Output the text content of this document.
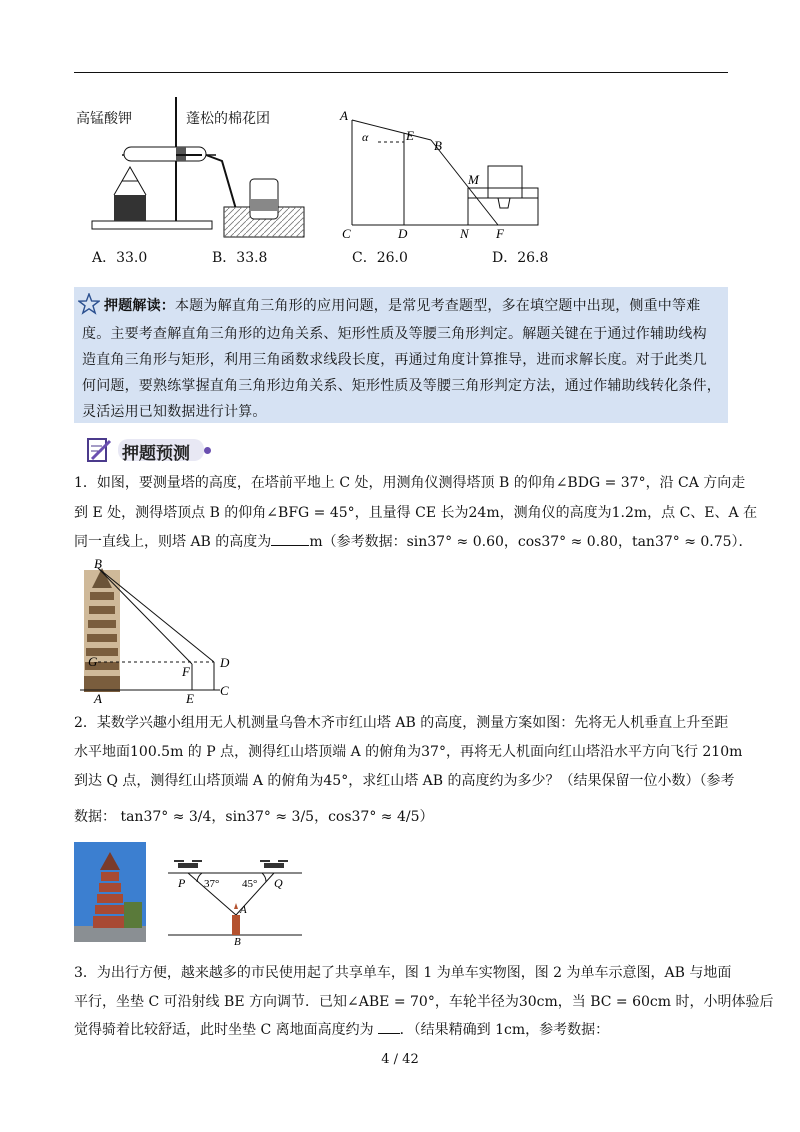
高锰酸钾	蓬松的棉花团	A
α	E
B
M
C	D	N F
A．33.0	B．33.8	C．26.0	D．26.8

押题解读：本题为解直角三角形的应用问题，是常见考查题型，多在填空题中出现，侧重中等难

度。主要考查解直角三角形的边角关系、矩形性质及等腰三角形判定。解题关键在于通过作辅助线构

造直角三角形与矩形，利用三角函数求线段长度，再通过角度计算推导，进而求解长度。对于此类几

何问题，要熟练掌握直角三角形边角关系、矩形性质及等腰三角形判定方法，通过作辅助线转化条件，

灵活运用已知数据进行计算。

押题预测
1．如图，要测量塔的高度，在塔前平地上 C 处，用测角仪测得塔顶 B 的仰角∠BDG = 37°，沿 CA 方向走
到 E 处，测得塔顶点 B 的仰角∠BFG = 45°，且量得 CE 长为24m，测角仪的高度为1.2m，点 C、E、A 在
同一直线上，则塔 AB 的高度为	m（参考数据：sin37° ≈ 0.60，cos37° ≈ 0.80，tan37° ≈ 0.75）．
B
G
F
D
A	E
C
2．某数学兴趣小组用无人机测量乌鲁木齐市红山塔 AB 的高度，测量方案如图：先将无人机垂直上升至距
水平地面100.5m 的 P 点，测得红山塔顶端 A 的俯角为37°，再将无人机面向红山塔沿水平方向飞行 210m
到达 Q 点，测得红山塔顶端 A 的俯角为45°，求红山塔 AB 的高度约为多少？（结果保留一位小数）（参考
数据： tan37° ≈ 3/4，sin37° ≈ 3/5，cos37° ≈ 4/5）
P 37° 45° Q
A
B
3．为出行方便，越来越多的市民使用起了共享单车，图 1 为单车实物图，图 2 为单车示意图，AB 与地面
平行，坐垫 C 可沿射线 BE 方向调节．已知∠ABE = 70°，车轮半径为30cm，当 BC = 60cm 时，小明体验后
觉得骑着比较舒适，此时坐垫 C 离地面高度约为 ．（结果精确到 1cm，参考数据：
4 / 42
